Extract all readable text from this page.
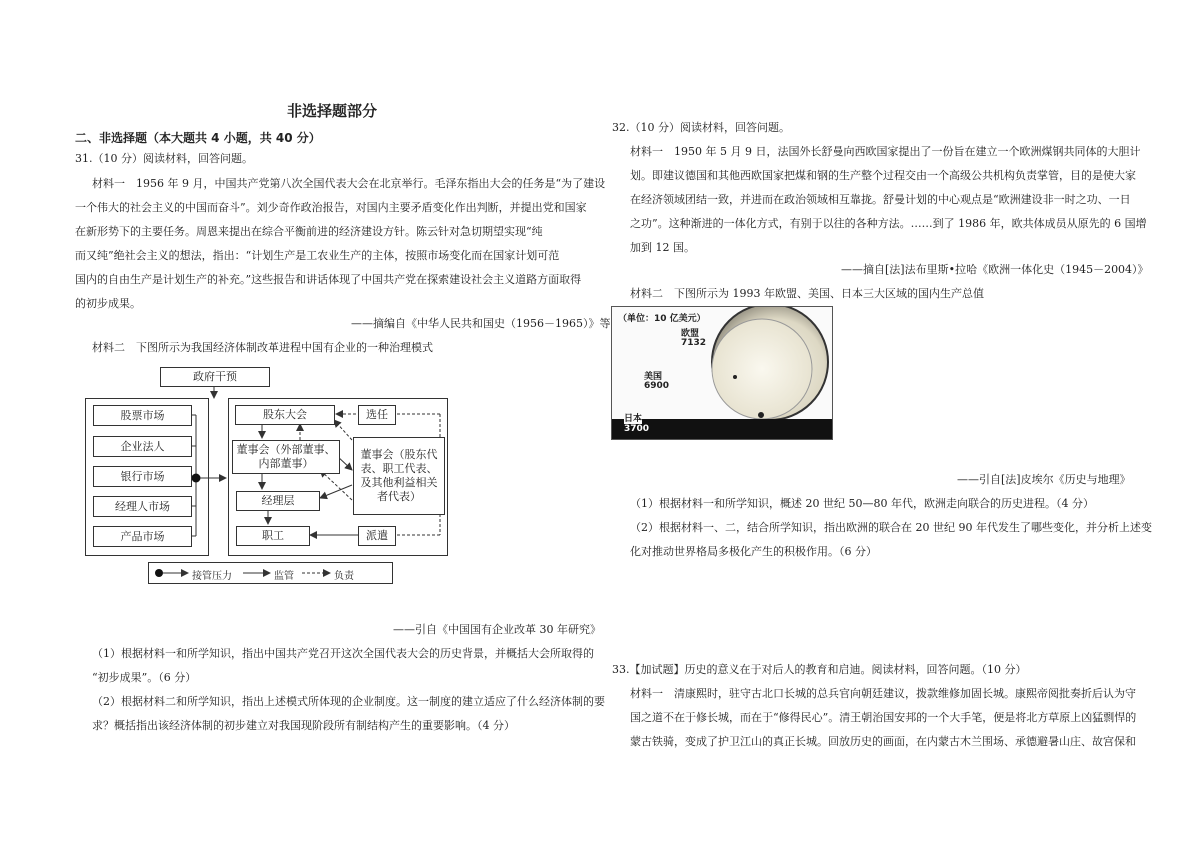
非选择题部分
二、非选择题（本大题共 4 小题，共 40 分）
31.（10 分）阅读材料，回答问题。
材料一　1956 年 9 月，中国共产党第八次全国代表大会在北京举行。毛泽东指出大会的任务是“为了建设
一个伟大的社会主义的中国而奋斗”。刘少奇作政治报告，对国内主要矛盾变化作出判断，并提出党和国家
在新形势下的主要任务。周恩来提出在综合平衡前进的经济建设方针。陈云针对急切期望实现“纯
而又纯”绝社会主义的想法，指出：“计划生产是工农业生产的主体，按照市场变化而在国家计划可范
国内的自由生产是计划生产的补充。”这些报告和讲话体现了中国共产党在探索建设社会主义道路方面取得
的初步成果。
——摘编自《中华人民共和国史（1956－1965）》等
材料二　下图所示为我国经济体制改革进程中国有企业的一种治理模式
政府干预
股票市场
企业法人
银行市场
经理人市场
产品市场
股东大会	选任
董事会（外部董事、内部董事）
董事会（股东代表、职工代表、及其他利益相关者代表）
经理层
职工	派遣
接管压力	监管	负责
——引自《中国国有企业改革 30 年研究》
（1）根据材料一和所学知识，指出中国共产党召开这次全国代表大会的历史背景，并概括大会所取得的
“初步成果”。（6 分）
（2）根据材料二和所学知识，指出上述模式所体现的企业制度。这一制度的建立适应了什么经济体制的要
求？概括指出该经济体制的初步建立对我国现阶段所有制结构产生的重要影响。（4 分）
32.（10 分）阅读材料，回答问题。
材料一　1950 年 5 月 9 日，法国外长舒曼向西欧国家提出了一份旨在建立一个欧洲煤钢共同体的大胆计
划。即建议德国和其他西欧国家把煤和钢的生产整个过程交由一个高级公共机构负责掌管，目的是使大家
在经济领域团结一致，并进而在政治领域相互靠拢。舒曼计划的中心观点是“欧洲建设非一时之功、一日
之功”。这种渐进的一体化方式，有别于以往的各种方法。……到了 1986 年，欧共体成员从原先的 6 国增
加到 12 国。
——摘自[法]法布里斯•拉哈《欧洲一体化史（1945－2004）》
材料二　下图所示为 1993 年欧盟、美国、日本三大区域的国内生产总值
（单位：10 亿美元）
欧盟
7132
美国
6900
日本
3700
——引自[法]皮埃尔《历史与地理》
（1）根据材料一和所学知识，概述 20 世纪 50—80 年代，欧洲走向联合的历史进程。（4 分）
（2）根据材料一、二，结合所学知识，指出欧洲的联合在 20 世纪 90 年代发生了哪些变化，并分析上述变
化对推动世界格局多极化产生的积极作用。（6 分）
33.【加试题】历史的意义在于对后人的教育和启迪。阅读材料，回答问题。（10 分）
材料一　清康熙时，驻守古北口长城的总兵官向朝廷建议，拨款维修加固长城。康熙帝阅批奏折后认为守
国之道不在于修长城，而在于“修得民心”。清王朝治国安邦的一个大手笔，便是将北方草原上凶猛剽悍的
蒙古铁骑，变成了护卫江山的真正长城。回放历史的画面，在内蒙古木兰围场、承德避暑山庄、故宫保和
